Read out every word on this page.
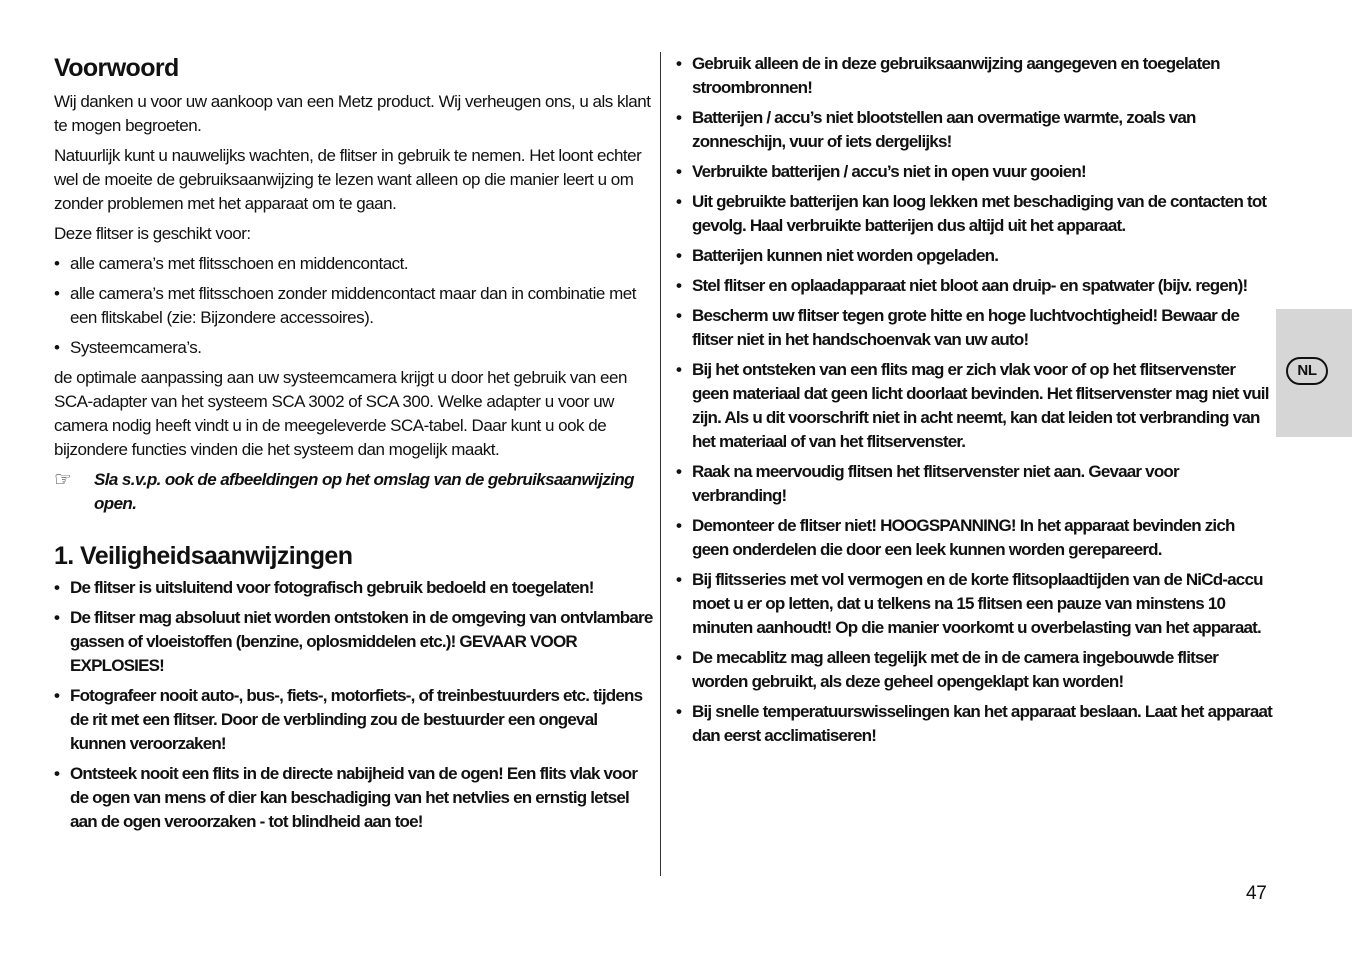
Voorwoord

Wij danken u voor uw aankoop van een Metz product. Wij verheugen ons, u als klant te mogen begroeten.

Natuurlijk kunt u nauwelijks wachten, de flitser in gebruik te nemen. Het loont echter wel de moeite de gebruiksaanwijzing te lezen want alleen op die manier leert u om zonder problemen met het apparaat om te gaan.

Deze flitser is geschikt voor:

• alle camera’s met flitsschoen en middencontact.
• alle camera’s met flitsschoen zonder middencontact maar dan in combinatie met een flitskabel (zie: Bijzondere accessoires).
• Systeemcamera’s.

de optimale aanpassing aan uw systeemcamera krijgt u door het gebruik van een SCA-adapter van het systeem SCA 3002 of SCA 300. Welke adapter u voor uw camera nodig heeft vindt u in de meegeleverde SCA-tabel. Daar kunt u ook de bijzondere functies vinden die het systeem dan mogelijk maakt.

☞ Sla s.v.p. ook de afbeeldingen op het omslag van de gebruiksaanwijzing open.
1. Veiligheidsaanwijzingen
• De flitser is uitsluitend voor fotografisch gebruik bedoeld en toegelaten!
• De flitser mag absoluut niet worden ontstoken in de omgeving van ontvlambare gassen of vloeistoffen (benzine, oplosmiddelen etc.)! GEVAAR VOOR EXPLOSIES!
• Fotografeer nooit auto-, bus-, fiets-, motorfiets-, of treinbestuurders etc. tijdens de rit met een flitser. Door de verblinding zou de bestuurder een ongeval kunnen veroorzaken!
• Ontsteek nooit een flits in de directe nabijheid van de ogen! Een flits vlak voor de ogen van mens of dier kan beschadiging van het netvlies en ernstig letsel aan de ogen veroorzaken - tot blindheid aan toe!
• Gebruik alleen de in deze gebruiksaanwijzing aangegeven en toegelaten stroombronnen!
• Batterijen / accu’s niet blootstellen aan overmatige warmte, zoals van zonneschijn, vuur of iets dergelijks!
• Verbruikte batterijen / accu’s niet in open vuur gooien!
• Uit gebruikte batterijen kan loog lekken met beschadiging van de contacten tot gevolg. Haal verbruikte batterijen dus altijd uit het apparaat.
• Batterijen kunnen niet worden opgeladen.
• Stel flitser en oplaadapparaat niet bloot aan druip- en spatwater (bijv. regen)!
• Bescherm uw flitser tegen grote hitte en hoge luchtvochtigheid! Bewaar de flitser niet in het handschoenvak van uw auto!
• Bij het ontsteken van een flits mag er zich vlak voor of op het flitservenster geen materiaal dat geen licht doorlaat bevinden. Het flitservenster mag niet vuil zijn. Als u dit voorschrift niet in acht neemt, kan dat leiden tot verbranding van het materiaal of van het flitservenster.
• Raak na meervoudig flitsen het flitservenster niet aan. Gevaar voor verbranding!
• Demonteer de flitser niet! HOOGSPANNING! In het apparaat bevinden zich geen onderdelen die door een leek kunnen worden gerepareerd.
• Bij flitsseries met vol vermogen en de korte flitsoplaadtijden van de NiCd-accu moet u er op letten, dat u telkens na 15 flitsen een pauze van minstens 10 minuten aanhoudt! Op die manier voorkomt u overbelasting van het apparaat.
• De mecablitz mag alleen tegelijk met de in de camera ingebouwde flitser worden gebruikt, als deze geheel opengeklapt kan worden!
• Bij snelle temperatuurswisselingen kan het apparaat beslaan. Laat het apparaat dan eerst acclimatiseren!
NL
47
